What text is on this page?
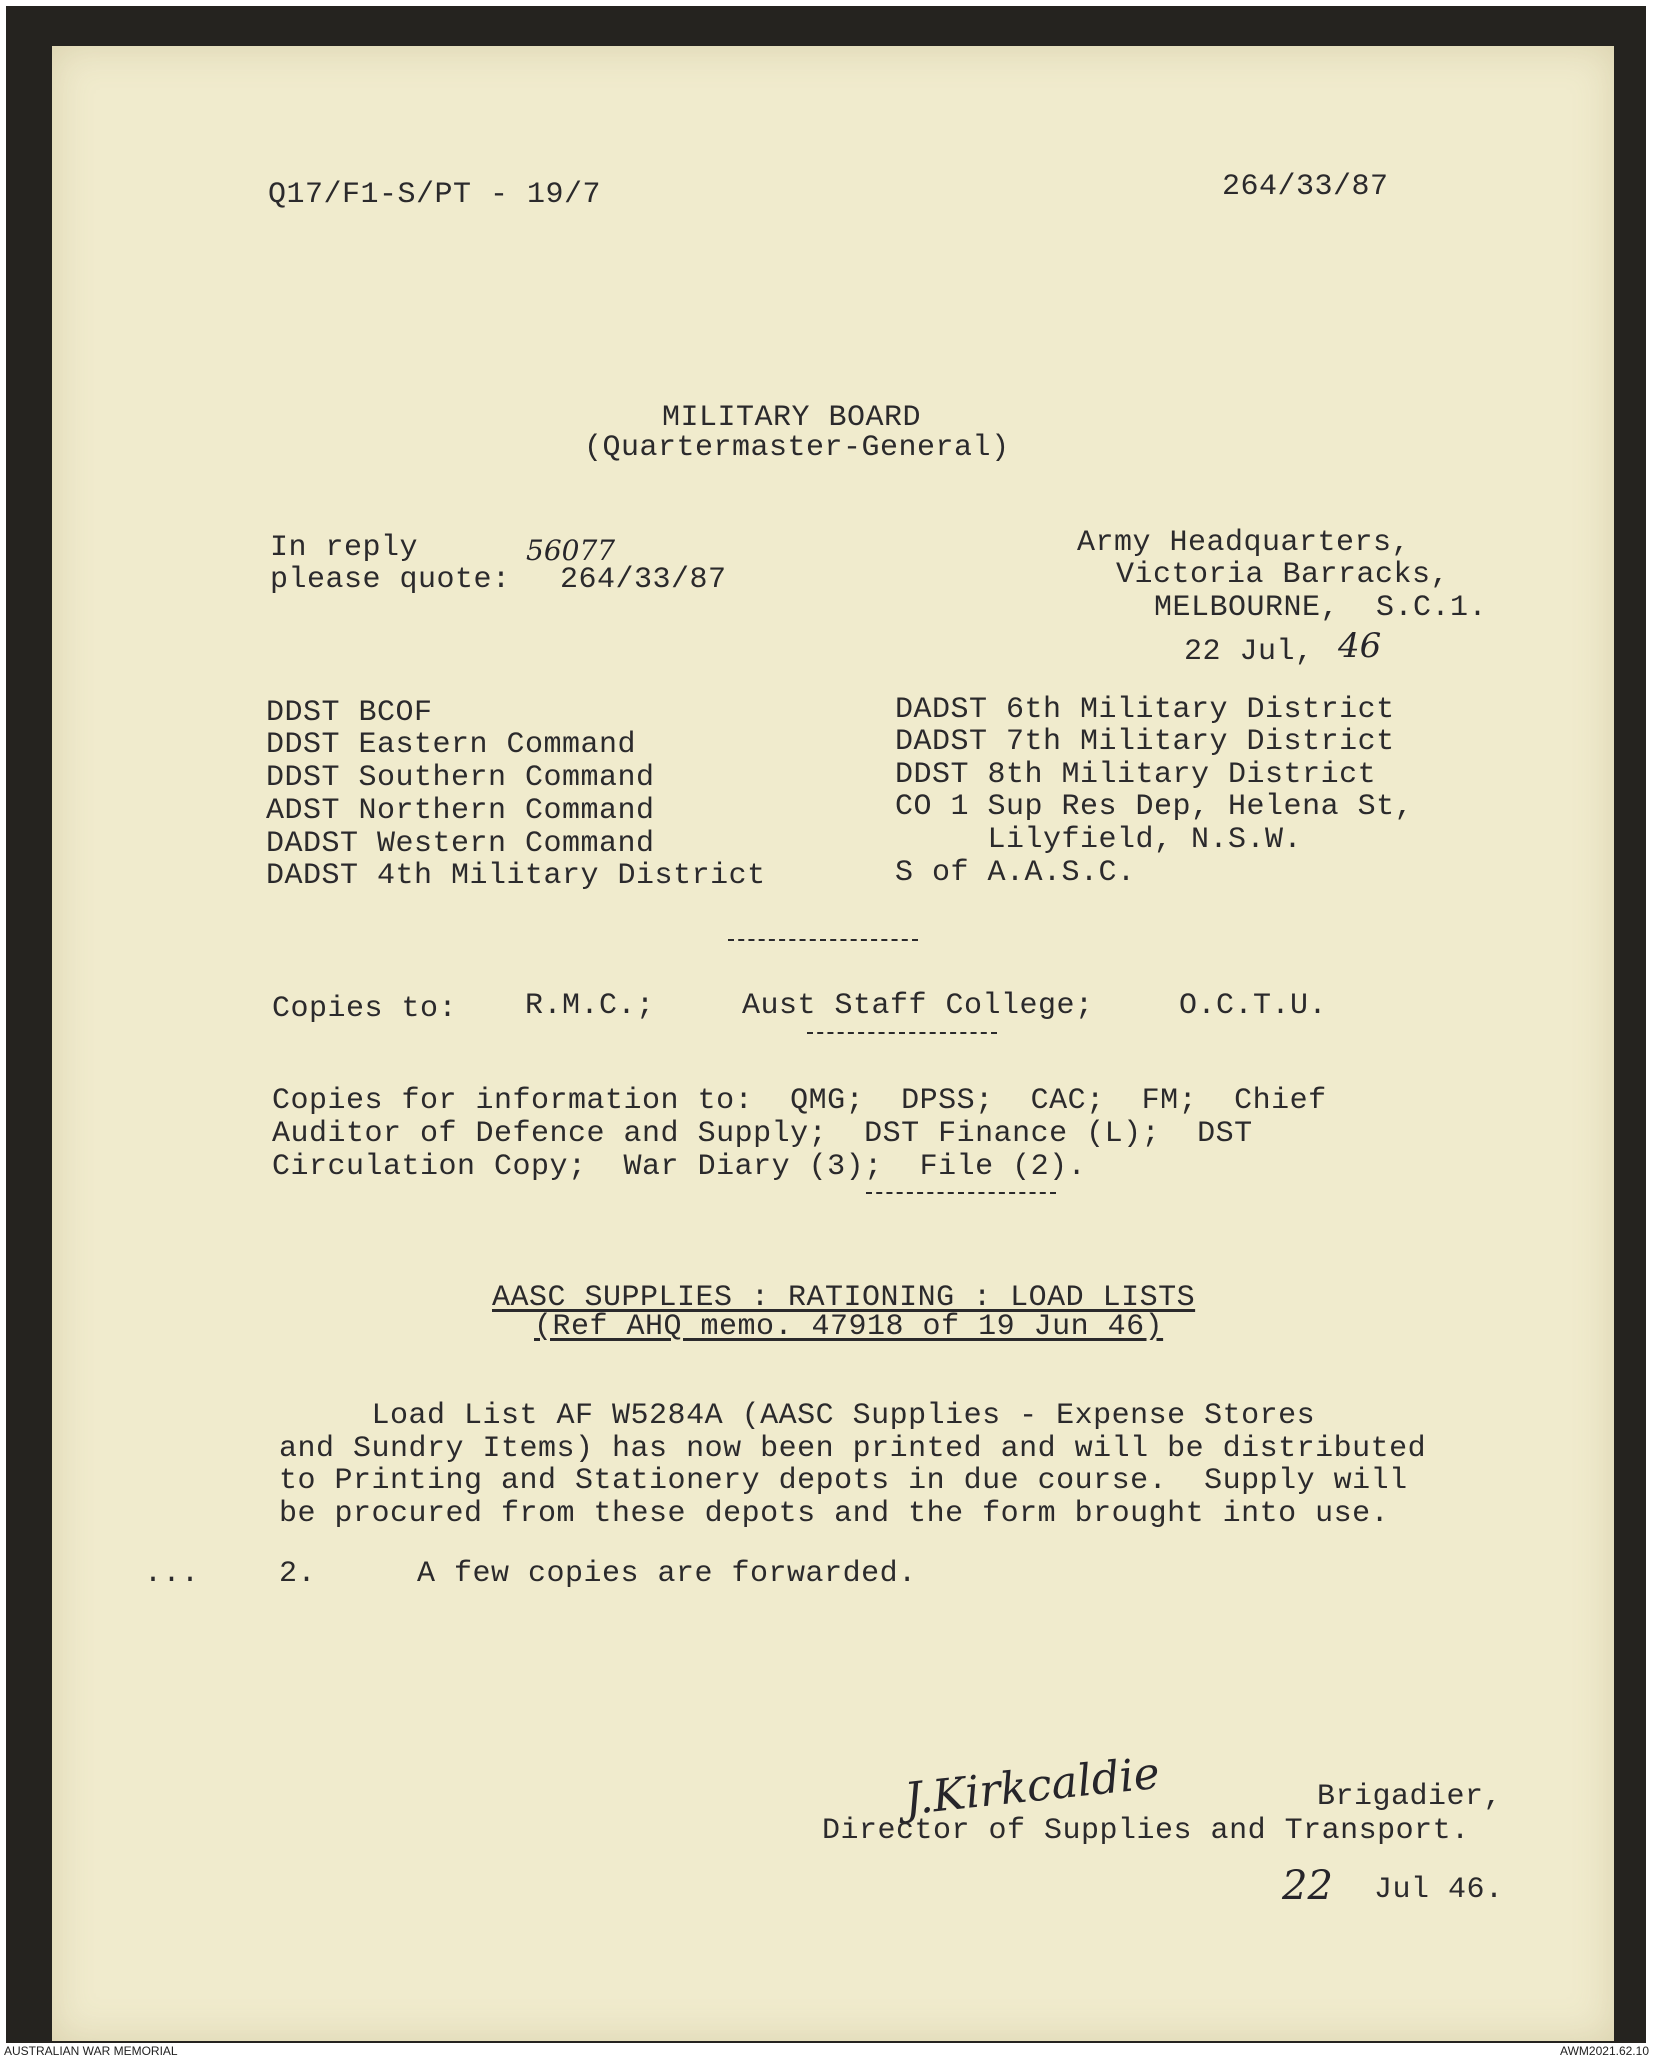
Q17/F1-S/PT - 19/7	264/33/87
MILITARY BOARD
(Quartermaster-General)
In reply
please quote:
56077
264/33/87
Army Headquarters,
Victoria Barracks,
MELBOURNE,  S.C.1.
22 Jul, 46
DDST BCOF
DDST Eastern Command
DDST Southern Command
ADST Northern Command
DADST Western Command
DADST 4th Military District
DADST 6th Military District
DADST 7th Military District
DDST 8th Military District
CO 1 Sup Res Dep, Helena St,
Lilyfield, N.S.W.
S of A.A.S.C.
Copies to: R.M.C.;	Aust Staff College;	O.C.T.U.
Copies for information to:  QMG;  DPSS;  CAC;  FM;  Chief
Auditor of Defence and Supply;  DST Finance (L);  DST
Circulation Copy;  War Diary (3);  File (2).
AASC SUPPLIES : RATIONING : LOAD LISTS
(Ref AHQ memo. 47918 of 19 Jun 46)
Load List AF W5284A (AASC Supplies - Expense Stores
and Sundry Items) has now been printed and will be distributed
to Printing and Stationery depots in due course.  Supply will
be procured from these depots and the form brought into use.
...	2.	A few copies are forwarded.
J.Kirkcaldie	Brigadier,
Director of Supplies and Transport.
22 Jul 46.
AUSTRALIAN WAR MEMORIAL	AWM2021.62.10
